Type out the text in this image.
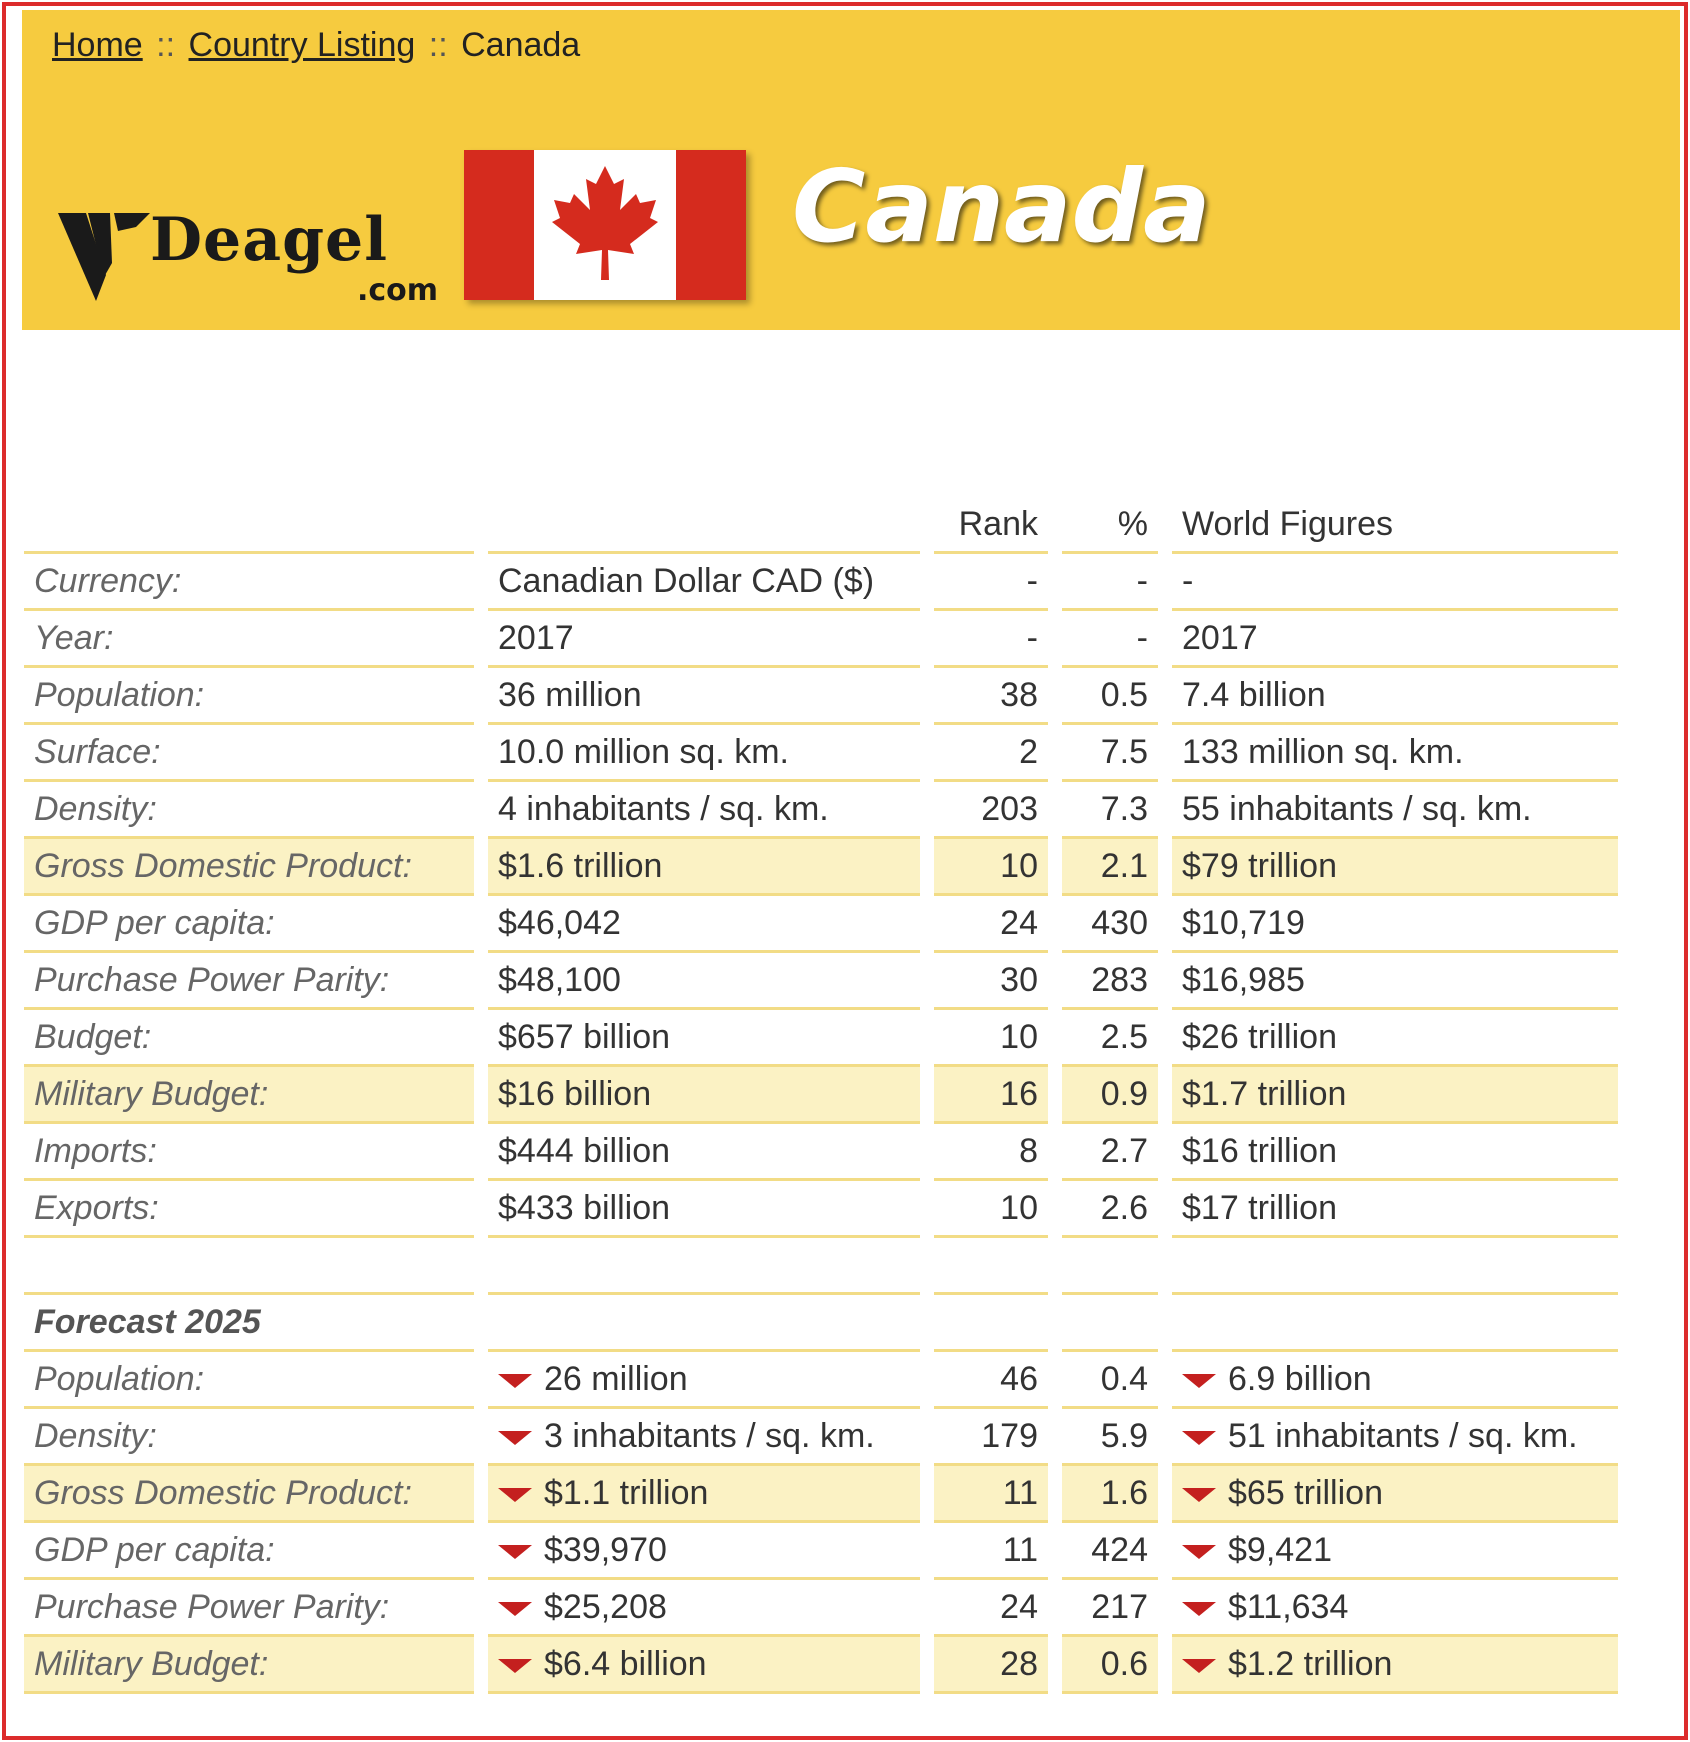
Home :: Country Listing :: Canada
Deagel
.com
Canada
		Rank	%	World Figures
Currency:	Canadian Dollar CAD ($)	-	-	-
Year:	2017	-	-	2017
Population:	36 million	38	0.5	7.4 billion
Surface:	10.0 million sq. km.	2	7.5	133 million sq. km.
Density:	4 inhabitants / sq. km.	203	7.3	55 inhabitants / sq. km.
Gross Domestic Product:	$1.6 trillion	10	2.1	$79 trillion
GDP per capita:	$46,042	24	430	$10,719
Purchase Power Parity:	$48,100	30	283	$16,985
Budget:	$657 billion	10	2.5	$26 trillion
Military Budget:	$16 billion	16	0.9	$1.7 trillion
Imports:	$444 billion	8	2.7	$16 trillion
Exports:	$433 billion	10	2.6	$17 trillion

Forecast 2025				
Population:	26 million	46	0.4	6.9 billion
Density:	3 inhabitants / sq. km.	179	5.9	51 inhabitants / sq. km.
Gross Domestic Product:	$1.1 trillion	11	1.6	$65 trillion
GDP per capita:	$39,970	11	424	$9,421
Purchase Power Parity:	$25,208	24	217	$11,634
Military Budget:	$6.4 billion	28	0.6	$1.2 trillion
